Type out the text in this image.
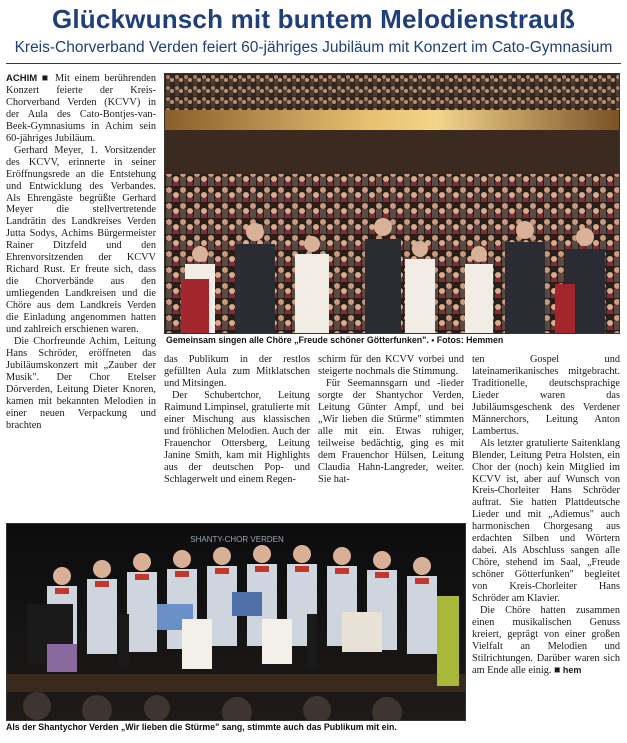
Glückwunsch mit buntem Melodienstrauß
Kreis-Chorverband Verden feiert 60-jähriges Jubiläum mit Konzert im Cato-Gymnasium

ACHIM ■ Mit einem berührenden Konzert feierte der Kreis-Chorverband Verden (KCVV) in der Aula des Cato-Bontjes-van-Beek-Gymnasiums in Achim sein 60-jähriges Jubiläum.

Gerhard Meyer, 1. Vorsitzender des KCVV, erinnerte in seiner Eröffnungsrede an die Entstehung und Entwicklung des Verbandes. Als Ehrengäste begrüßte Gerhard Meyer die stellvertretende Landrätin des Landkreises Verden Jutta Sodys, Achims Bürgermeister Rainer Ditzfeld und den Ehrenvorsitzenden der KCVV Richard Rust. Er freute sich, dass die Chorverbände aus den umliegenden Landkreisen und die Chöre aus dem Landkreis Verden die Einladung angenommen hatten und zahlreich erschienen waren.

Die Chorfreunde Achim, Leitung Hans Schröder, eröffneten das Jubiläumskonzert mit „Zauber der Musik". Der Chor Etelser Dörverden, Leitung Dieter Knoren, kamen mit bekannten Melodien in einer neuen Verpackung und brachten

Gemeinsam singen alle Chöre „Freude schöner Götterfunken". ▪ Fotos: Hemmen

das Publikum in der restlos gefüllten Aula zum Mitklatschen und Mitsingen.

Der Schubertchor, Leitung Raimund Limpinsel, gratulierte mit einer Mischung aus klassischen und fröhlichen Melodien. Auch der Frauenchor Ottersberg, Leitung Janine Smith, kam mit Highlights aus der deutschen Pop- und Schlagerwelt und einem Regen-

schirm für den KCVV vorbei und steigerte nochmals die Stimmung.

Für Seemannsgarn und -lieder sorgte der Shantychor Verden, Leitung Günter Ampf, und bei „Wir lieben die Stürme" stimmten alle mit ein. Etwas ruhiger, teilweise bedächtig, ging es mit dem Frauenchor Hülsen, Leitung Claudia Hahn-Langreder, weiter. Sie hat-

ten Gospel und lateinamerikanisches mitgebracht. Traditionelle, deutschsprachige Lieder waren das Jubiläumsgeschenk des Verdener Männerchors, Leitung Anton Lambertus.

Als letzter gratulierte Saitenklang Blender, Leitung Petra Holsten, ein Chor der (noch) kein Mitglied im KCVV ist, aber auf Wunsch von Kreis-Chorleiter Hans Schröder auftrat. Sie hatten Plattdeutsche Lieder und mit „Adiemus" auch harmonischen Chorgesang aus erdachten Silben und Wörtern dabei. Als Abschluss sangen alle Chöre, stehend im Saal, „Freude schöner Götterfunken" begleitet von Kreis-Chorleiter Hans Schröder am Klavier.

Die Chöre hatten zusammen einen musikalischen Genuss kreiert, geprägt von einer großen Vielfalt an Melodien und Stilrichtungen. Darüber waren sich am Ende alle einig. ■ hem

SHANTY-CHOR VERDEN
Als der Shantychor Verden „Wir lieben die Stürme" sang, stimmte auch das Publikum mit ein.
